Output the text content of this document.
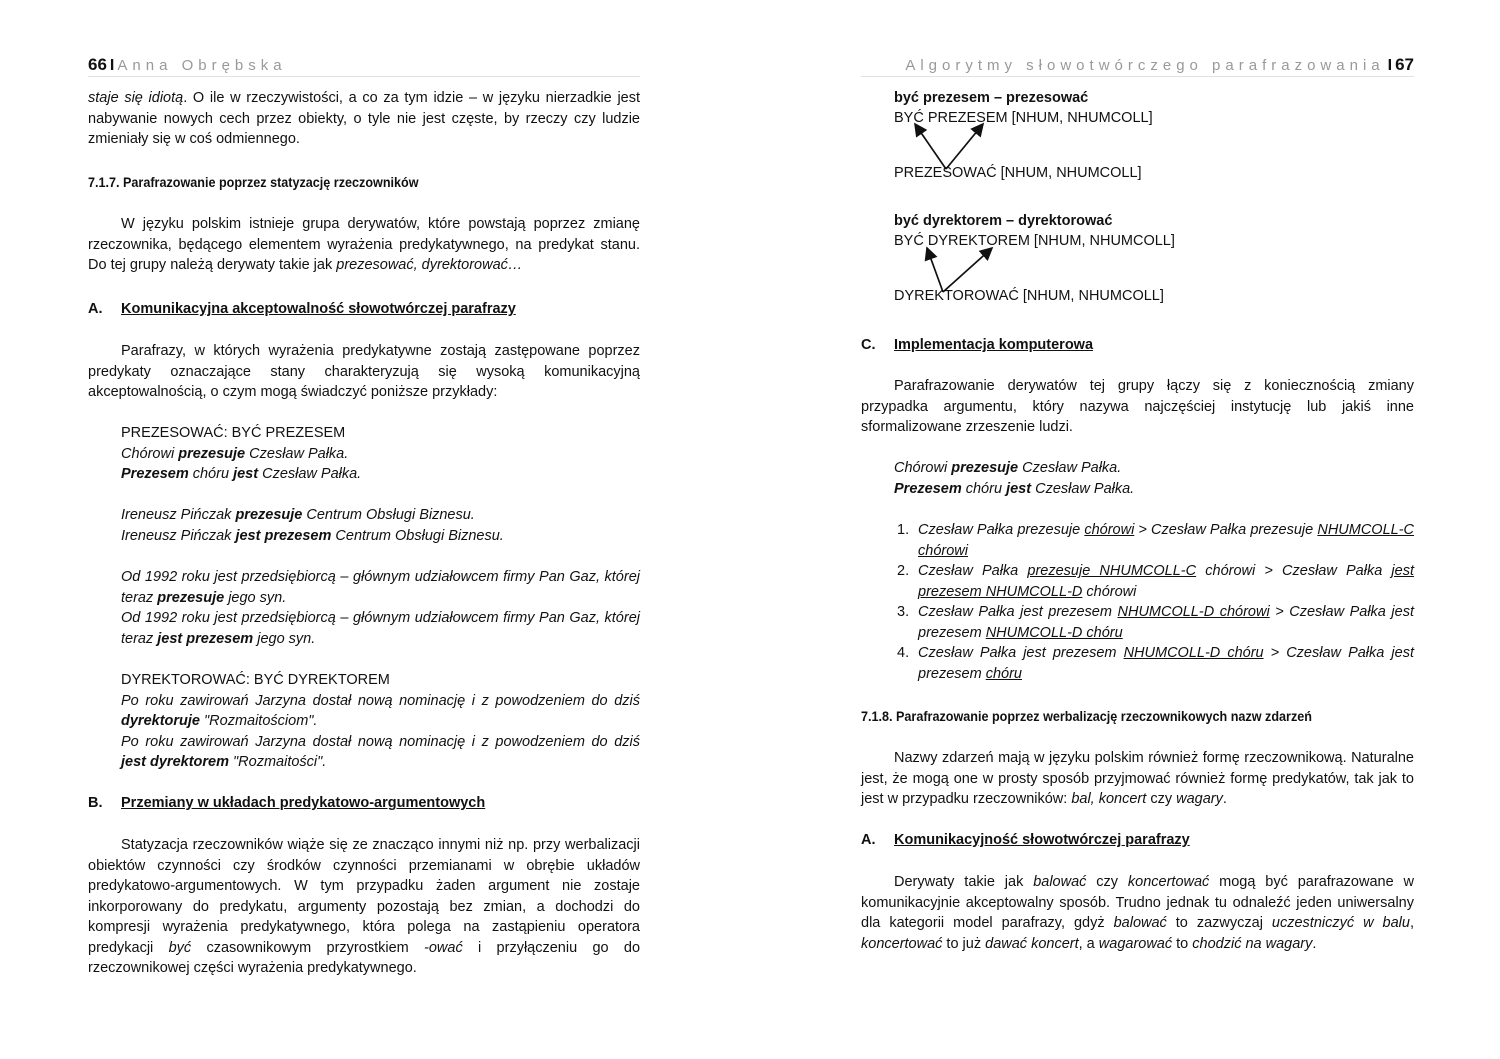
66 I Anna Obrębska
staje się idiotą. O ile w rzeczywistości, a co za tym idzie – w języku nierzadkie jest nabywanie nowych cech przez obiekty, o tyle nie jest częste, by rzeczy czy ludzie zmieniały się w coś odmiennego.
7.1.7. Parafrazowanie poprzez statyzację rzeczowników
W języku polskim istnieje grupa derywatów, które powstają poprzez zmianę rzeczownika, będącego elementem wyrażenia predykatywnego, na predykat stanu. Do tej grupy należą derywaty takie jak prezesować, dyrektorować…
A. Komunikacyjna akceptowalność słowotwórczej parafrazy
Parafrazy, w których wyrażenia predykatywne zostają zastępowane poprzez predykaty oznaczające stany charakteryzują się wysoką komunikacyjną akceptowalnością, o czym mogą świadczyć poniższe przykłady:
PREZESOWAĆ: BYĆ PREZESEM
Chórowi prezesuje Czesław Pałka.
Prezesem chóru jest Czesław Pałka.
Ireneusz Pińczak prezesuje Centrum Obsługi Biznesu.
Ireneusz Pińczak jest prezesem Centrum Obsługi Biznesu.
Od 1992 roku jest przedsiębiorcą – głównym udziałowcem firmy Pan Gaz, której teraz prezesuje jego syn.
Od 1992 roku jest przedsiębiorcą – głównym udziałowcem firmy Pan Gaz, której teraz jest prezesem jego syn.
DYREKTOROWAĆ: BYĆ DYREKTOREM
Po roku zawirowań Jarzyna dostał nową nominację i z powodzeniem do dziś dyrektoruje "Rozmaitościom".
Po roku zawirowań Jarzyna dostał nową nominację i z powodzeniem do dziś jest dyrektorem "Rozmaitości".
B. Przemiany w układach predykatowo-argumentowych
Statyzacja rzeczowników wiąże się ze znacząco innymi niż np. przy werbalizacji obiektów czynności czy środków czynności przemianami w obrębie układów predykatowo-argumentowych. W tym przypadku żaden argument nie zostaje inkorporowany do predykatu, argumenty pozostają bez zmian, a dochodzi do kompresji wyrażenia predykatywnego, która polega na zastąpieniu operatora predykacji być czasownikowym przyrostkiem -ować i przyłączeniu go do rzeczownikowej części wyrażenia predykatywnego.
Algorytmy słowotwórczego parafrazowania I 67
być prezesem – prezesować
BYĆ PREZESEM [NHUM, NHUMCOLL]
PREZESOWAĆ [NHUM, NHUMCOLL]
być dyrektorem – dyrektorować
BYĆ DYREKTOREM [NHUM, NHUMCOLL]
DYREKTOROWAĆ [NHUM, NHUMCOLL]
C. Implementacja komputerowa
Parafrazowanie derywatów tej grupy łączy się z koniecznością zmiany przypadka argumentu, który nazywa najczęściej instytucję lub jakiś inne sformalizowane zrzeszenie ludzi.
Chórowi prezesuje Czesław Pałka.
Prezesem chóru jest Czesław Pałka.
1. Czesław Pałka prezesuje chórowi > Czesław Pałka prezesuje NHUMCOLL-C chórowi
2. Czesław Pałka prezesuje NHUMCOLL-C chórowi > Czesław Pałka jest prezesem NHUMCOLL-D chórowi
3. Czesław Pałka jest prezesem NHUMCOLL-D chórowi > Czesław Pałka jest prezesem NHUMCOLL-D chóru
4. Czesław Pałka jest prezesem NHUMCOLL-D chóru > Czesław Pałka jest prezesem chóru
7.1.8. Parafrazowanie poprzez werbalizację rzeczownikowych nazw zdarzeń
Nazwy zdarzeń mają w języku polskim również formę rzeczownikową. Naturalne jest, że mogą one w prosty sposób przyjmować również formę predykatów, tak jak to jest w przypadku rzeczowników: bal, koncert czy wagary.
A. Komunikacyjność słowotwórczej parafrazy
Derywaty takie jak balować czy koncertować mogą być parafrazowane w komunikacyjnie akceptowalny sposób. Trudno jednak tu odnaleźć jeden uniwersalny dla kategorii model parafrazy, gdyż balować to zazwyczaj uczestniczyć w balu, koncertować to już dawać koncert, a wagarować to chodzić na wagary.
